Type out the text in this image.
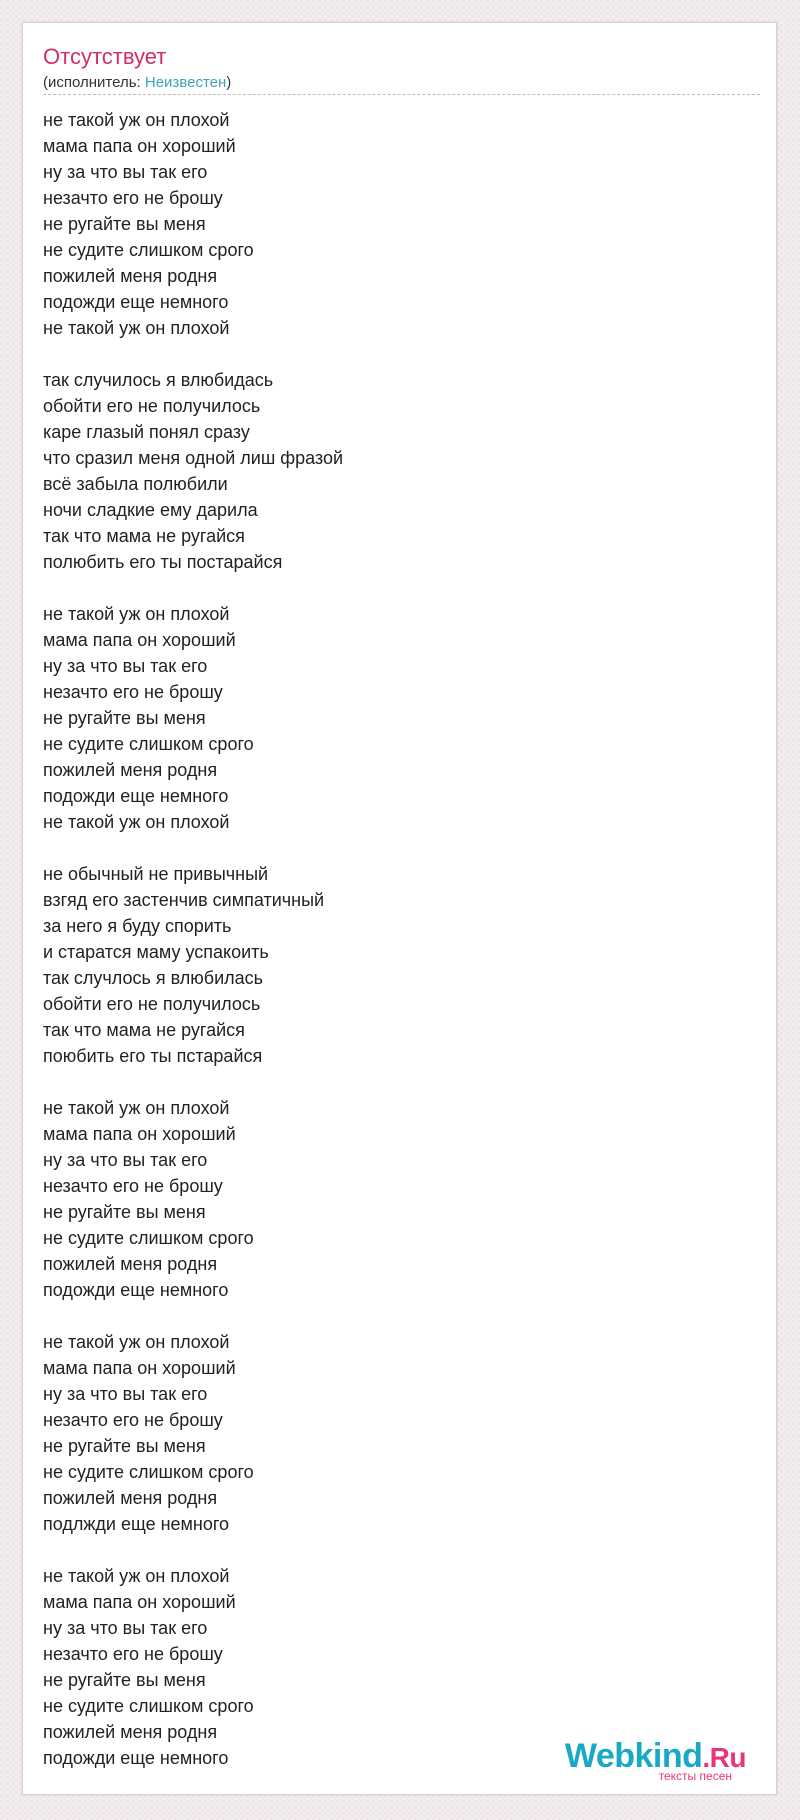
Отсутствует
(исполнитель: Неизвестен)
не такой уж он плохой
мама папа он хороший
ну за что вы так его
незачто его не брошу
не ругайте вы меня
не судите слишком срого
пожилей меня родня
подожди еще немного
не такой уж он плохой
так случилось я влюбидась
обойти его не получилось
каре глазый понял сразу
что сразил меня одной лиш фразой
всё забыла полюбили
ночи сладкие ему дарила
так что мама не ругайся
полюбить его ты постарайся
не такой уж он плохой
мама папа он хороший
ну за что вы так его
незачто его не брошу
не ругайте вы меня
не судите слишком срого
пожилей меня родня
подожди еще немного
не такой уж он плохой
не обычный не привычный
взгяд его застенчив симпатичный
за него я буду спорить
и старатся маму успакоить
так случлось я влюбилась
обойти его не получилось
так что мама не ругайся
поюбить его ты пстарайся
не такой уж он плохой
мама папа он хороший
ну за что вы так его
незачто его не брошу
не ругайте вы меня
не судите слишком срого
пожилей меня родня
подожди еще немного
не такой уж он плохой
мама папа он хороший
ну за что вы так его
незачто его не брошу
не ругайте вы меня
не судите слишком срого
пожилей меня родня
подлжди еще немного
не такой уж он плохой
мама папа он хороший
ну за что вы так его
незачто его не брошу
не ругайте вы меня
не судите слишком срого
пожилей меня родня
подожди еще немного	Webkind.Ru
тексты песен
